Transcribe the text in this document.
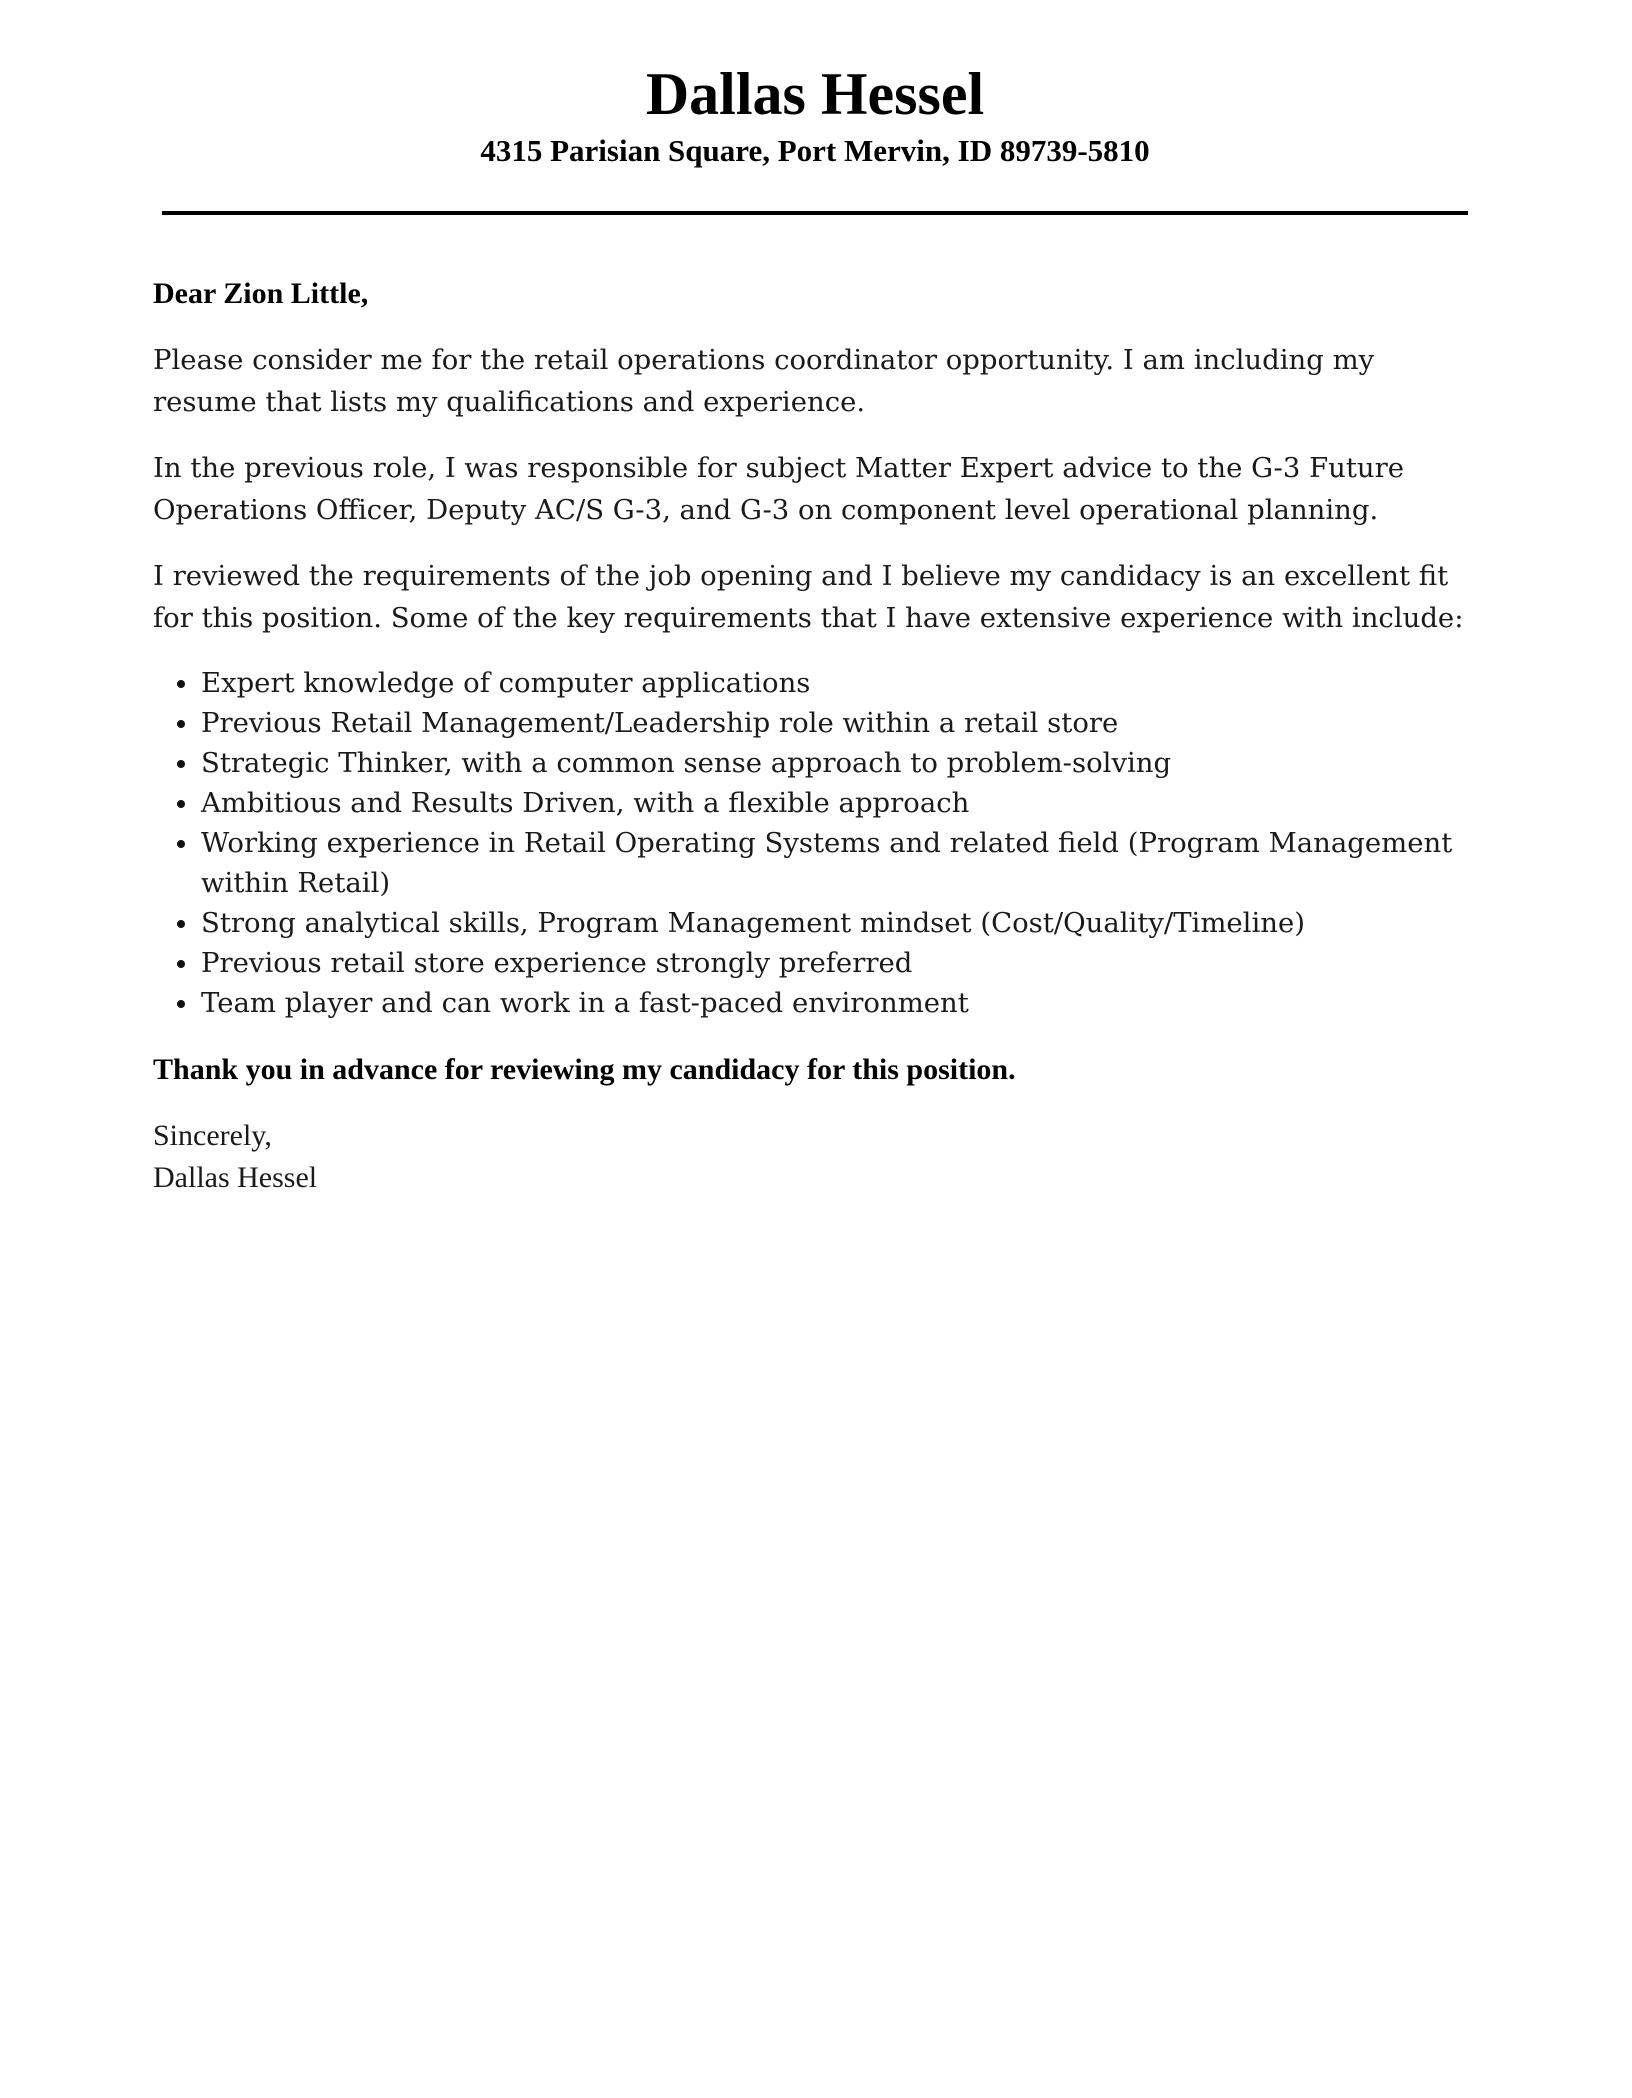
Dallas Hessel
4315 Parisian Square, Port Mervin, ID 89739-5810

Dear Zion Little,

Please consider me for the retail operations coordinator opportunity. I am including my resume that lists my qualifications and experience.

In the previous role, I was responsible for subject Matter Expert advice to the G-3 Future Operations Officer, Deputy AC/S G-3, and G-3 on component level operational planning.

I reviewed the requirements of the job opening and I believe my candidacy is an excellent fit for this position. Some of the key requirements that I have extensive experience with include:

Expert knowledge of computer applications
Previous Retail Management/Leadership role within a retail store
Strategic Thinker, with a common sense approach to problem-solving
Ambitious and Results Driven, with a flexible approach
Working experience in Retail Operating Systems and related field (Program Management within Retail)
Strong analytical skills, Program Management mindset (Cost/Quality/Timeline)
Previous retail store experience strongly preferred
Team player and can work in a fast-paced environment

Thank you in advance for reviewing my candidacy for this position.

Sincerely,

Dallas Hessel
